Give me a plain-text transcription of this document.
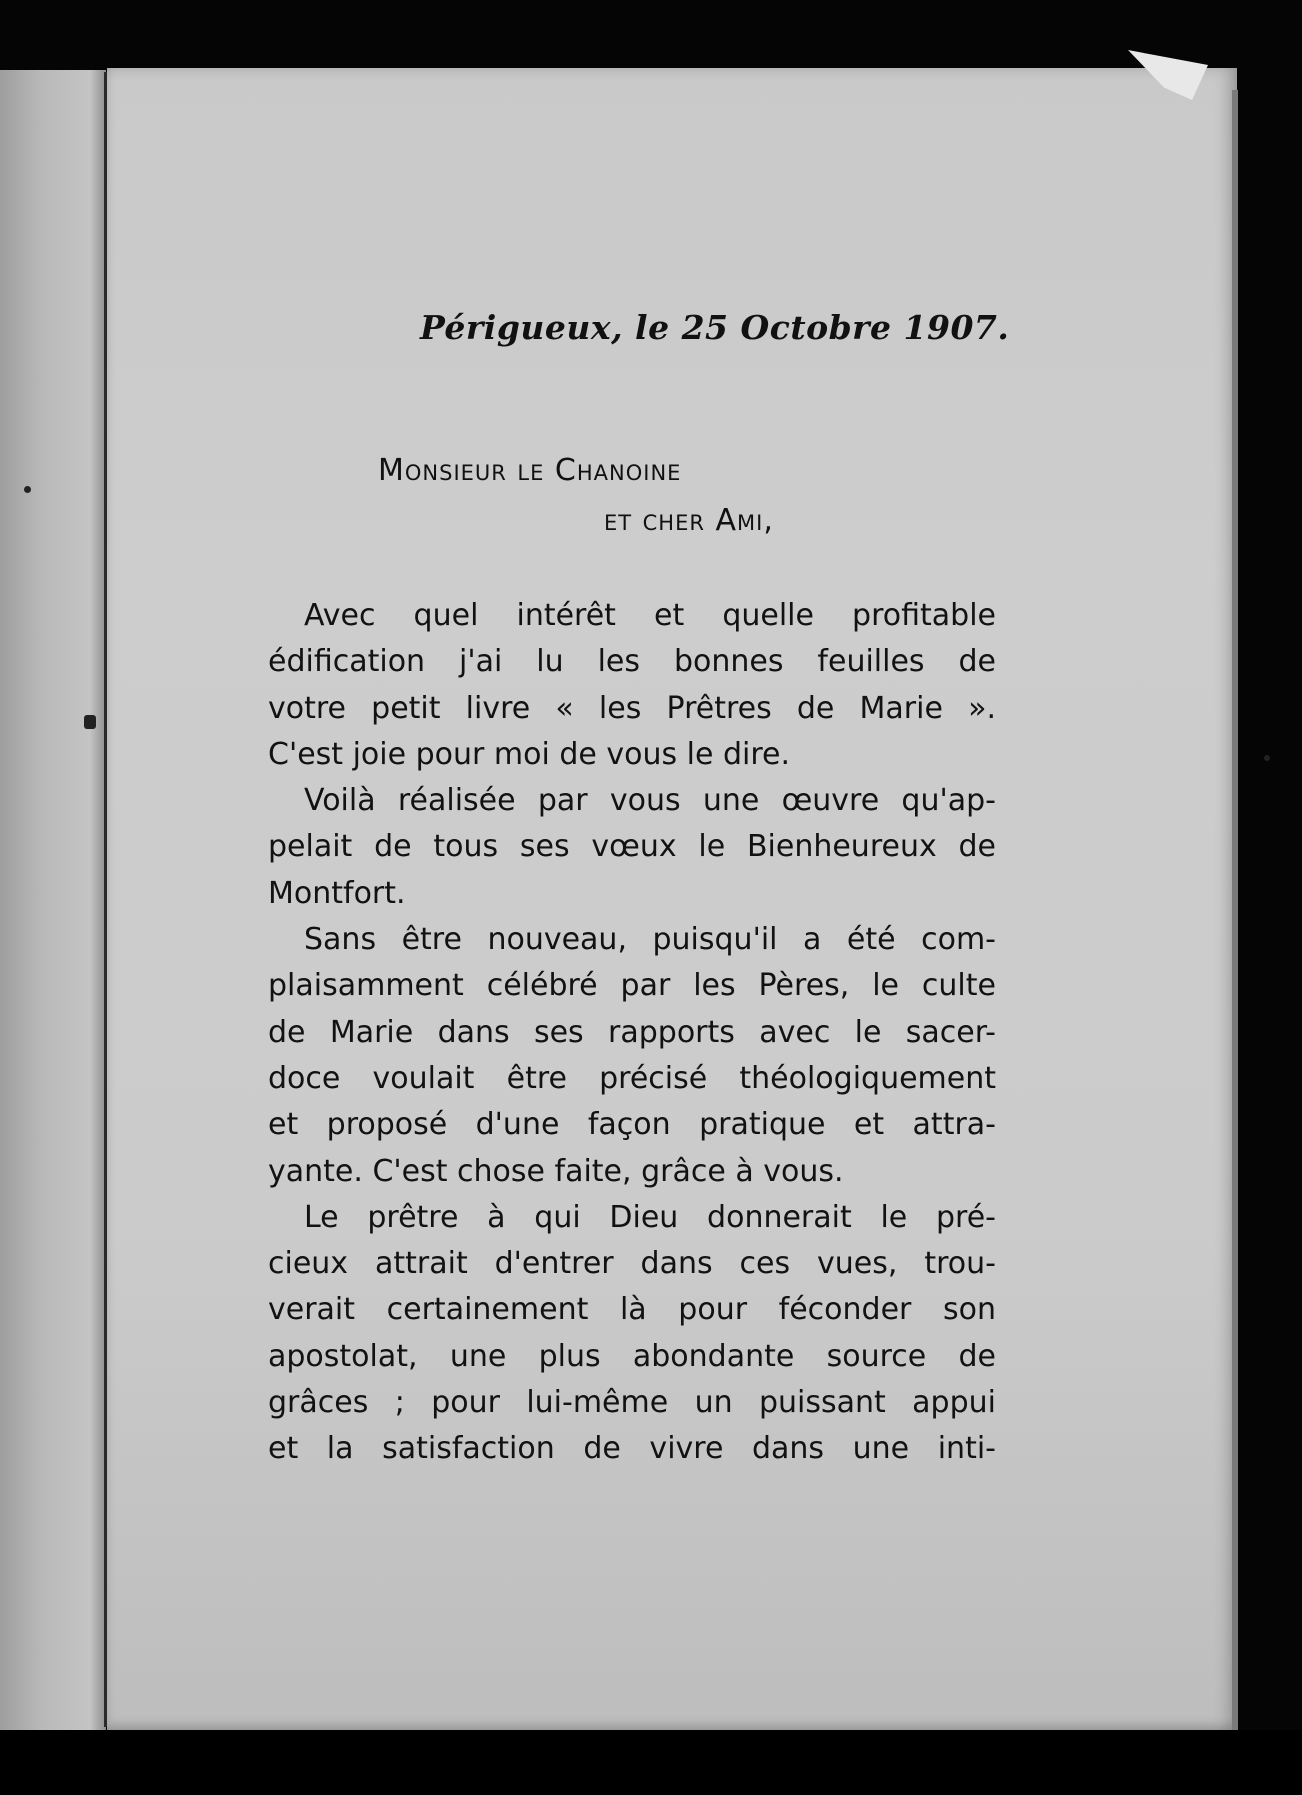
Périgueux, le 25 Octobre 1907.
Monsieur le Chanoine
et cher Ami,
Avec quel intérêt et quelle profitable
édification j'ai lu les bonnes feuilles de
votre petit livre « les Prêtres de Marie ».
C'est joie pour moi de vous le dire.
Voilà réalisée par vous une œuvre qu'ap-
pelait de tous ses vœux le Bienheureux de
Montfort.
Sans être nouveau, puisqu'il a été com-
plaisamment célébré par les Pères, le culte
de Marie dans ses rapports avec le sacer-
doce voulait être précisé théologiquement
et proposé d'une façon pratique et attra-
yante. C'est chose faite, grâce à vous.
Le prêtre à qui Dieu donnerait le pré-
cieux attrait d'entrer dans ces vues, trou-
verait certainement là pour féconder son
apostolat, une plus abondante source de
grâces ; pour lui-même un puissant appui
et la satisfaction de vivre dans une inti-
